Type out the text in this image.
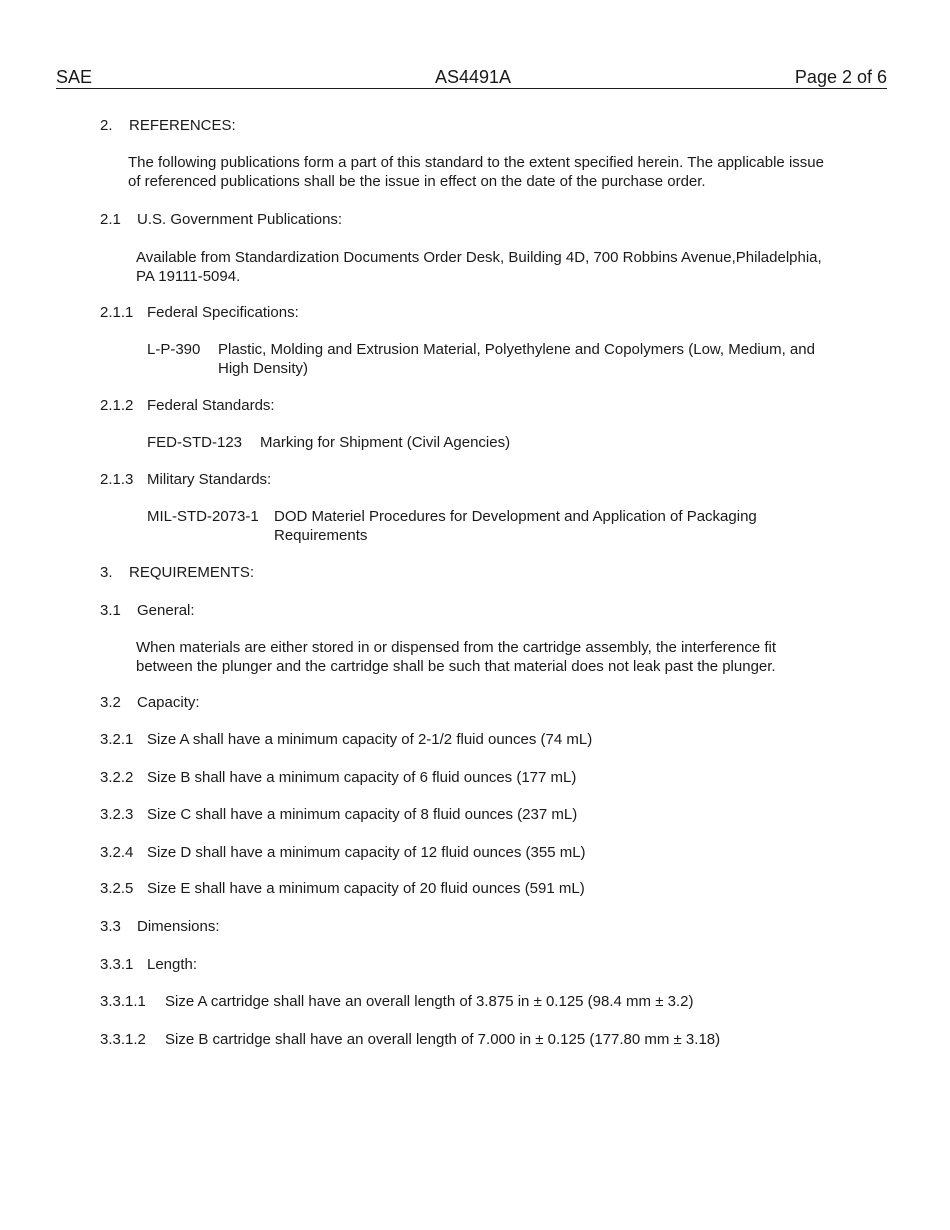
SAE	AS4491A	Page 2 of 6
2. REFERENCES:
The following publications form a part of this standard to the extent specified herein. The applicable issue
of referenced publications shall be the issue in effect on the date of the purchase order.
2.1 U.S. Government Publications:
Available from Standardization Documents Order Desk, Building 4D, 700 Robbins Avenue,Philadelphia,
PA 19111-5094.
2.1.1 Federal Specifications:
L-P-390 Plastic, Molding and Extrusion Material, Polyethylene and Copolymers (Low, Medium, and
High Density)
2.1.2 Federal Standards:
FED-STD-123 Marking for Shipment (Civil Agencies)
2.1.3 Military Standards:
MIL-STD-2073-1 DOD Materiel Procedures for Development and Application of Packaging
Requirements
3. REQUIREMENTS:
3.1 General:
When materials are either stored in or dispensed from the cartridge assembly, the interference fit
between the plunger and the cartridge shall be such that material does not leak past the plunger.
3.2 Capacity:
3.2.1 Size A shall have a minimum capacity of 2-1/2 fluid ounces (74 mL)
3.2.2 Size B shall have a minimum capacity of 6 fluid ounces (177 mL)
3.2.3 Size C shall have a minimum capacity of 8 fluid ounces (237 mL)
3.2.4 Size D shall have a minimum capacity of 12 fluid ounces (355 mL)
3.2.5 Size E shall have a minimum capacity of 20 fluid ounces (591 mL)
3.3 Dimensions:
3.3.1 Length:
3.3.1.1 Size A cartridge shall have an overall length of 3.875 in ± 0.125 (98.4 mm ± 3.2)
3.3.1.2 Size B cartridge shall have an overall length of 7.000 in ± 0.125 (177.80 mm ± 3.18)
